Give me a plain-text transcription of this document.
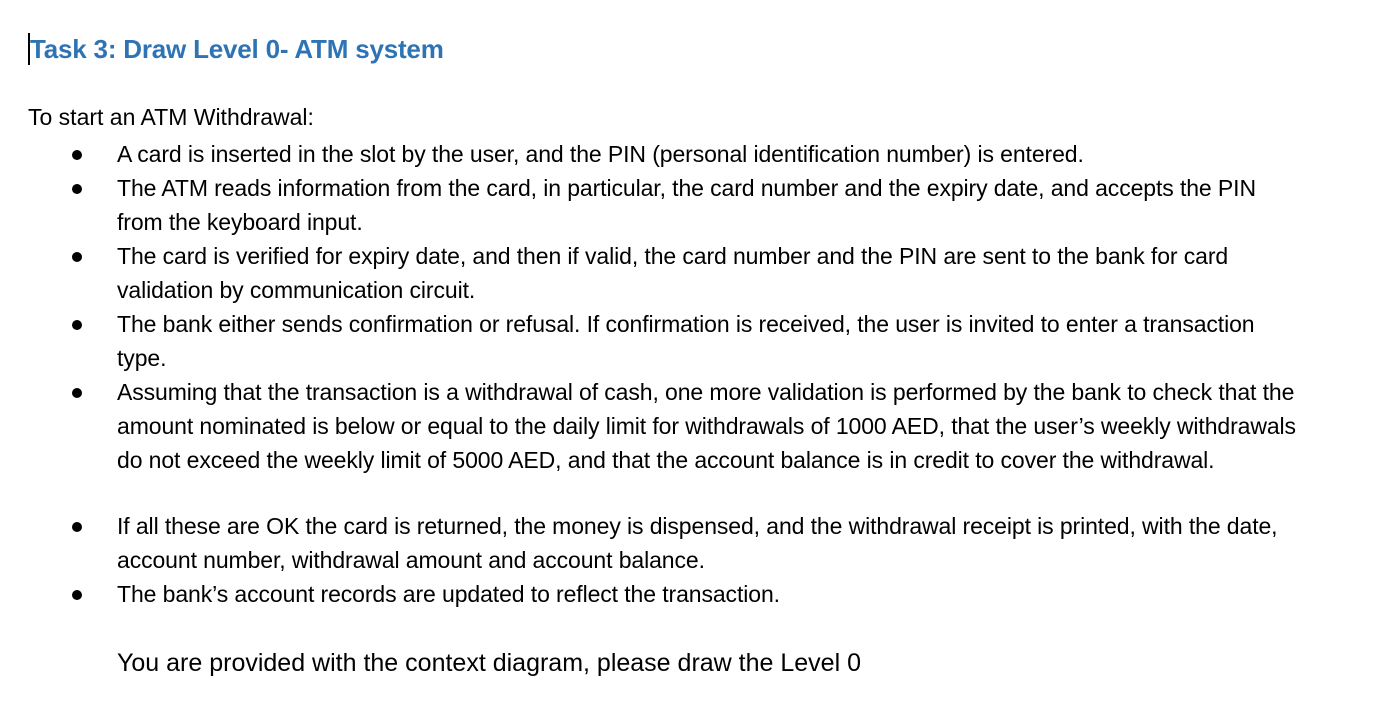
Task 3: Draw Level 0- ATM system

To start an ATM Withdrawal:

A card is inserted in the slot by the user, and the PIN (personal identification number) is entered.
The ATM reads information from the card, in particular, the card number and the expiry date, and accepts the PIN from the keyboard input.
The card is verified for expiry date, and then if valid, the card number and the PIN are sent to the bank for card validation by communication circuit.
The bank either sends confirmation or refusal. If confirmation is received, the user is invited to enter a transaction type.
Assuming that the transaction is a withdrawal of cash, one more validation is performed by the bank to check that the amount nominated is below or equal to the daily limit for withdrawals of 1000 AED, that the user’s weekly withdrawals do not exceed the weekly limit of 5000 AED, and that the account balance is in credit to cover the withdrawal.
If all these are OK the card is returned, the money is dispensed, and the withdrawal receipt is printed, with the date, account number, withdrawal amount and account balance.
The bank’s account records are updated to reflect the transaction.

You are provided with the context diagram, please draw the Level 0
